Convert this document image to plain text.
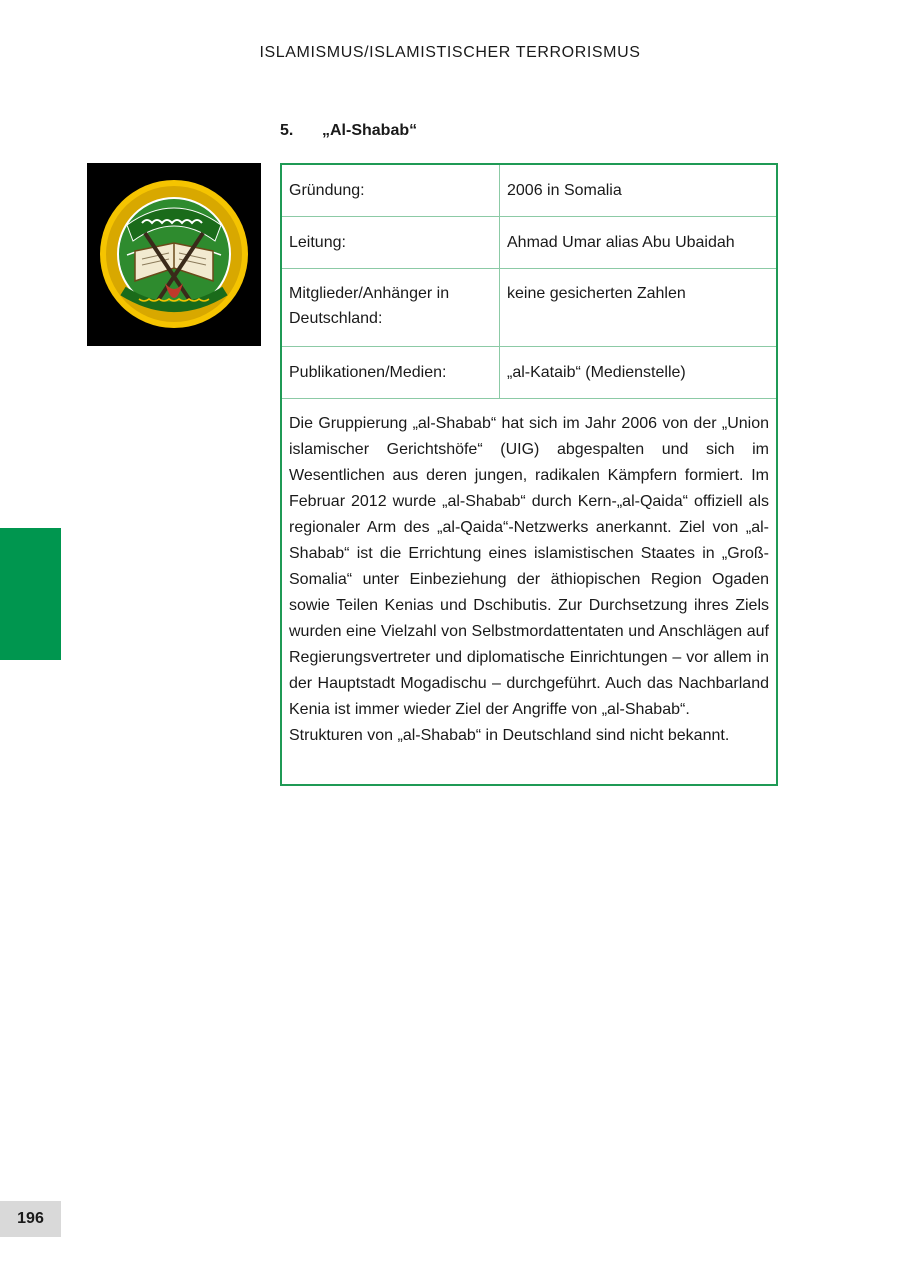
ISLAMISMUS/ISLAMISTISCHER TERRORISMUS
5. „Al-Shabab“
Gründung:	2006 in Somalia
Leitung:	Ahmad Umar alias Abu Ubaidah
Mitglieder/Anhänger in Deutschland:
keine gesicherten Zahlen
Publikationen/Medien:	„al-Kataib“ (Medienstelle)

Die Gruppierung „al-Shabab“ hat sich im Jahr 2006 von der „Union islamischer Gerichtshöfe“ (UIG) abgespalten und sich im Wesentlichen aus deren jungen, radikalen Kämpfern formiert. Im Februar 2012 wurde „al-Shabab“ durch Kern-„al-Qaida“ offiziell als regionaler Arm des „al-Qaida“-Netzwerks anerkannt. Ziel von „al-Shabab“ ist die Errichtung eines islamistischen Staates in „Groß-Somalia“ unter Einbeziehung der äthiopischen Region Ogaden sowie Teilen Kenias und Dschibutis. Zur Durchsetzung ihres Ziels wurden eine Vielzahl von Selbstmordattentaten und Anschlägen auf Regierungsvertreter und diplomatische Einrichtungen – vor allem in der Hauptstadt Mogadischu – durchgeführt. Auch das Nachbarland Kenia ist immer wieder Ziel der Angriffe von „al-Shabab“.

Strukturen von „al-Shabab“ in Deutschland sind nicht bekannt.

196
